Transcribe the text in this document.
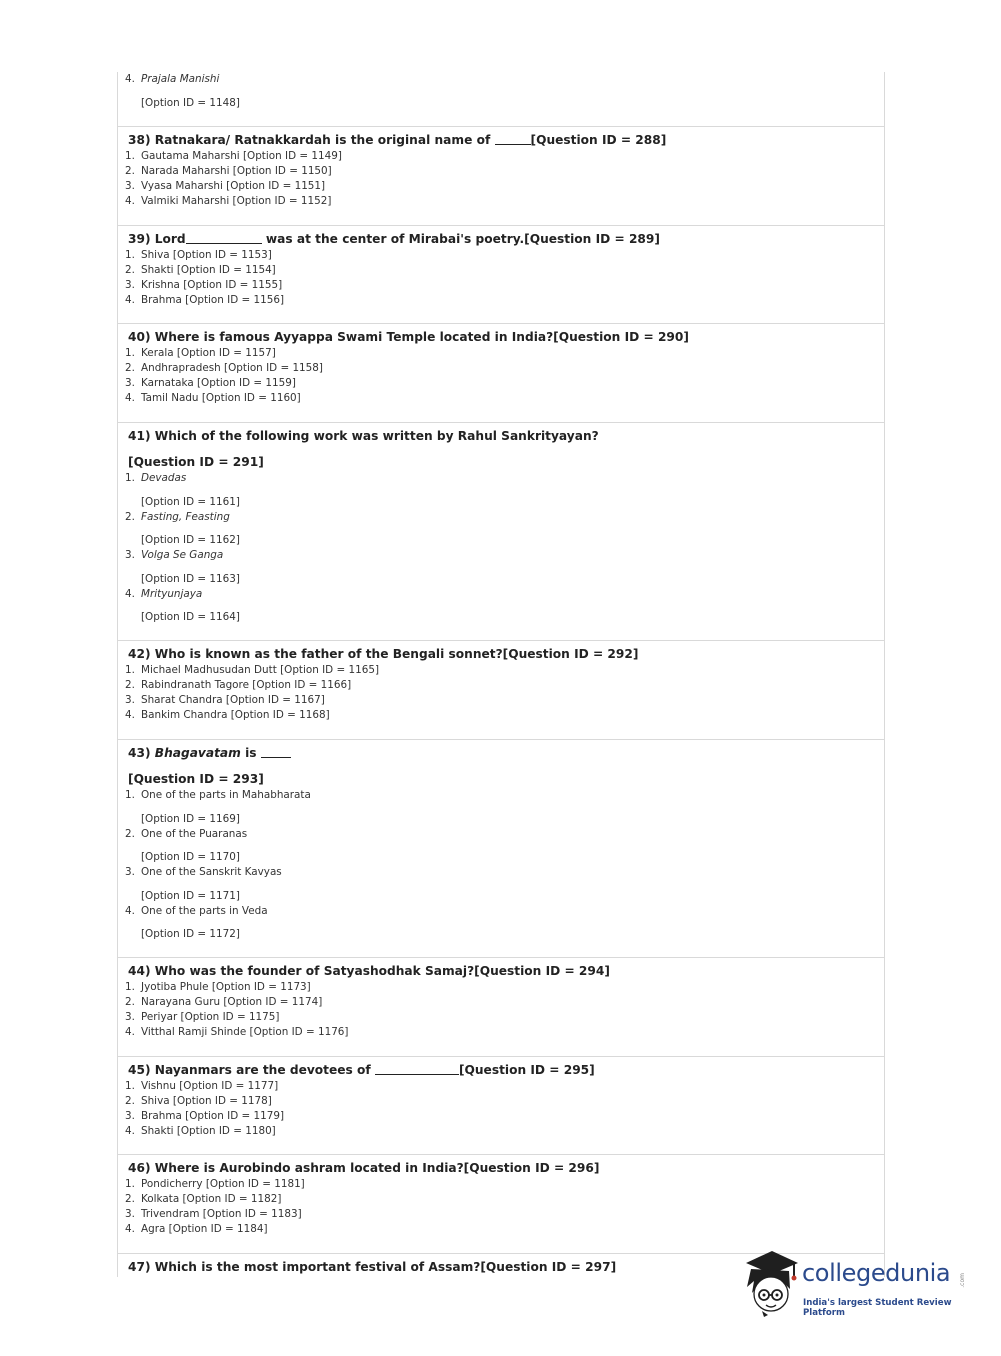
4. Prajala Manishi
[Option ID = 1148]
38) Ratnakara/ Ratnakkardah is the original name of	[Question ID = 288]
1. Gautama Maharshi [Option ID = 1149]
2. Narada Maharshi [Option ID = 1150]
3. Vyasa Maharshi [Option ID = 1151]
4. Valmiki Maharshi [Option ID = 1152]
39) Lord	was at the center of Mirabai's poetry.[Question ID = 289]
1. Shiva [Option ID = 1153]
2. Shakti [Option ID = 1154]
3. Krishna [Option ID = 1155]
4. Brahma [Option ID = 1156]
40) Where is famous Ayyappa Swami Temple located in India?[Question ID = 290]
1. Kerala [Option ID = 1157]
2. Andhrapradesh [Option ID = 1158]
3. Karnataka [Option ID = 1159]
4. Tamil Nadu [Option ID = 1160]
41) Which of the following work was written by Rahul Sankrityayan?
[Question ID = 291]
1. Devadas
[Option ID = 1161]
2. Fasting, Feasting
[Option ID = 1162]
3. Volga Se Ganga
[Option ID = 1163]
4. Mrityunjaya
[Option ID = 1164]
42) Who is known as the father of the Bengali sonnet?[Question ID = 292]
1. Michael Madhusudan Dutt [Option ID = 1165]
2. Rabindranath Tagore [Option ID = 1166]
3. Sharat Chandra [Option ID = 1167]
4. Bankim Chandra [Option ID = 1168]
43) Bhagavatam is
[Question ID = 293]
1. One of the parts in Mahabharata
[Option ID = 1169]
2. One of the Puaranas
[Option ID = 1170]
3. One of the Sanskrit Kavyas
[Option ID = 1171]
4. One of the parts in Veda
[Option ID = 1172]
44) Who was the founder of Satyashodhak Samaj?[Question ID = 294]
1. Jyotiba Phule [Option ID = 1173]
2. Narayana Guru [Option ID = 1174]
3. Periyar [Option ID = 1175]
4. Vitthal Ramji Shinde [Option ID = 1176]
45) Nayanmars are the devotees of	[Question ID = 295]
1. Vishnu [Option ID = 1177]
2. Shiva [Option ID = 1178]
3. Brahma [Option ID = 1179]
4. Shakti [Option ID = 1180]
46) Where is Aurobindo ashram located in India?[Question ID = 296]
1. Pondicherry [Option ID = 1181]
2. Kolkata [Option ID = 1182]
3. Trivendram [Option ID = 1183]
4. Agra [Option ID = 1184]
47) Which is the most important festival of Assam?[Question ID = 297]	collegedunia .com
India's largest Student Review Platform
